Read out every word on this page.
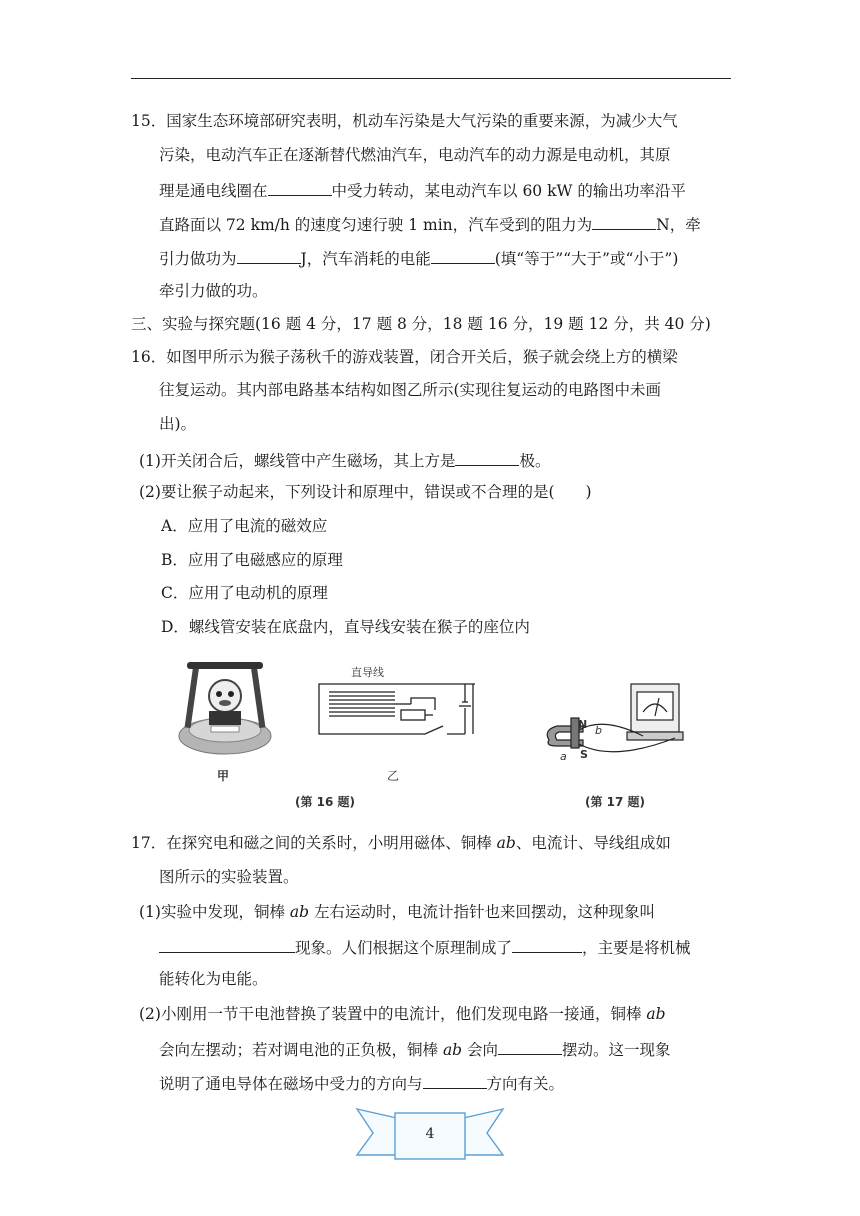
15．国家生态环境部研究表明，机动车污染是大气污染的重要来源，为减少大气
污染，电动汽车正在逐渐替代燃油汽车，电动汽车的动力源是电动机，其原
理是通电线圈在	中受力转动，某电动汽车以 60 kW 的输出功率沿平
直路面以 72 km/h 的速度匀速行驶 1 min，汽车受到的阻力为	N，牵
引力做功为	J，汽车消耗的电能	(填“等于”“大于”或“小于”)
牵引力做的功。
三、实验与探究题(16 题 4 分，17 题 8 分，18 题 16 分，19 题 12 分，共 40 分)
16．如图甲所示为猴子荡秋千的游戏装置，闭合开关后，猴子就会绕上方的横梁
往复运动。其内部电路基本结构如图乙所示(实现往复运动的电路图中未画
出)。
(1)开关闭合后，螺线管中产生磁场，其上方是	极。
(2)要让猴子动起来，下列设计和原理中，错误或不合理的是(　　)
A．应用了电流的磁效应
B．应用了电磁感应的原理
C．应用了电动机的原理
D．螺线管安装在底盘内，直导线安装在猴子的座位内
17．在探究电和磁之间的关系时，小明用磁体、铜棒 ab、电流计、导线组成如
图所示的实验装置。
(1)实验中发现，铜棒 ab 左右运动时，电流计指针也来回摆动，这种现象叫
现象。人们根据这个原理制成了	，主要是将机械
能转化为电能。
(2)小刚用一节干电池替换了装置中的电流计，他们发现电路一接通，铜棒 ab
会向左摆动；若对调电池的正负极，铜棒 ab 会向	摆动。这一现象
说明了通电导体在磁场中受力的方向与	方向有关。
甲
直导线
乙
N
S
a
b
(第 16 题)	(第 17 题)
4
